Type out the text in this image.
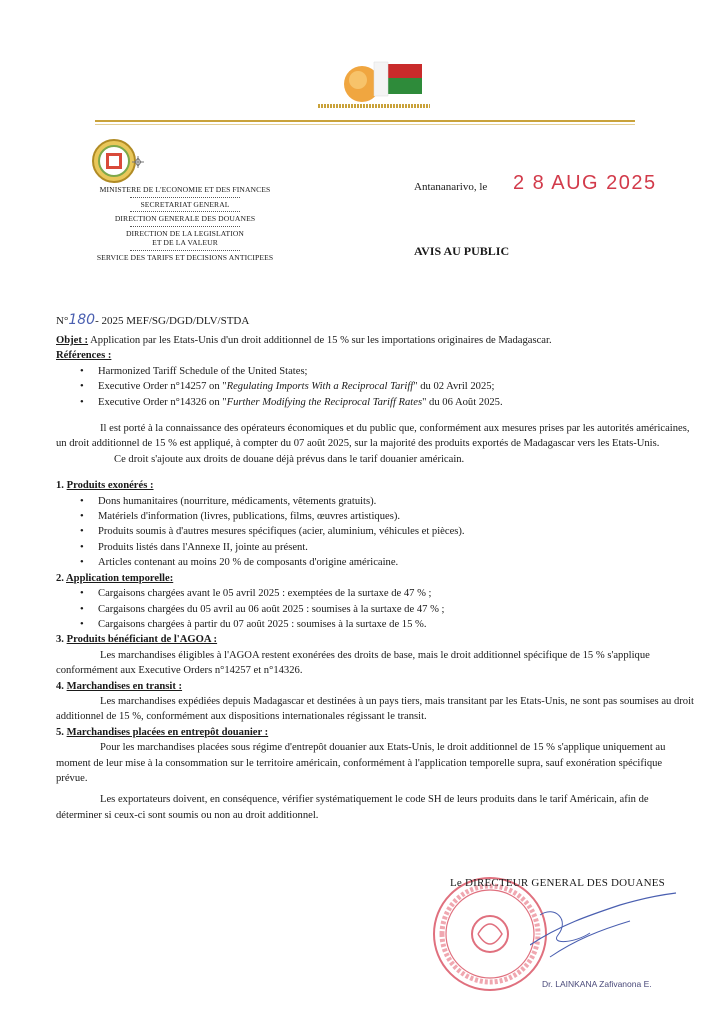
MINISTERE DE L'ECONOMIE ET DES FINANCES
SECRETARIAT GENERAL
DIRECTION GENERALE DES DOUANES
DIRECTION DE LA LEGISLATION
ET DE LA VALEUR
SERVICE DES TARIFS ET DECISIONS ANTICIPEES
Antananarivo, le 2 8 AUG 2025
AVIS AU PUBLIC
N°180- 2025 MEF/SG/DGD/DLV/STDA

Objet : Application par les Etats-Unis d'un droit additionnel de 15 % sur les importations originaires de Madagascar.

Références :

• Harmonized Tariff Schedule of the United States;
• Executive Order n°14257 on "Regulating Imports With a Reciprocal Tariff" du 02 Avril 2025;
• Executive Order n°14326 on "Further Modifying the Reciprocal Tariff Rates" du 06 Août 2025.

Il est porté à la connaissance des opérateurs économiques et du public que, conformément aux mesures prises par les autorités américaines, un droit additionnel de 15 % est appliqué, à compter du 07 août 2025, sur la majorité des produits exportés de Madagascar vers les Etats-Unis.

Ce droit s'ajoute aux droits de douane déjà prévus dans le tarif douanier américain.

1. Produits exonérés :
• Dons humanitaires (nourriture, médicaments, vêtements gratuits).
• Matériels d'information (livres, publications, films, œuvres artistiques).
• Produits soumis à d'autres mesures spécifiques (acier, aluminium, véhicules et pièces).
• Produits listés dans l'Annexe II, jointe au présent.
• Articles contenant au moins 20 % de composants d'origine américaine.
2. Application temporelle:
• Cargaisons chargées avant le 05 avril 2025 : exemptées de la surtaxe de 47 % ;
• Cargaisons chargées du 05 avril au 06 août 2025 : soumises à la surtaxe de 47 % ;
• Cargaisons chargées à partir du 07 août 2025 : soumises à la surtaxe de 15 %.
3. Produits bénéficiant de l'AGOA :

Les marchandises éligibles à l'AGOA restent exonérées des droits de base, mais le droit additionnel spécifique de 15 % s'applique conformément aux Executive Orders n°14257 et n°14326.

4. Marchandises en transit :

Les marchandises expédiées depuis Madagascar et destinées à un pays tiers, mais transitant par les Etats-Unis, ne sont pas soumises au droit additionnel de 15 %, conformément aux dispositions internationales régissant le transit.

5. Marchandises placées en entrepôt douanier :

Pour les marchandises placées sous régime d'entrepôt douanier aux Etats-Unis, le droit additionnel de 15 % s'applique uniquement au moment de leur mise à la consommation sur le territoire américain, conformément à l'application temporelle supra, sauf exonération spécifique prévue.

Les exportateurs doivent, en conséquence, vérifier systématiquement le code SH de leurs produits dans le tarif Américain, afin de déterminer si ceux-ci sont soumis ou non au droit additionnel.

Le DIRECTEUR GENERAL DES DOUANES
Dr. LAINKANA Zafivanona E.
